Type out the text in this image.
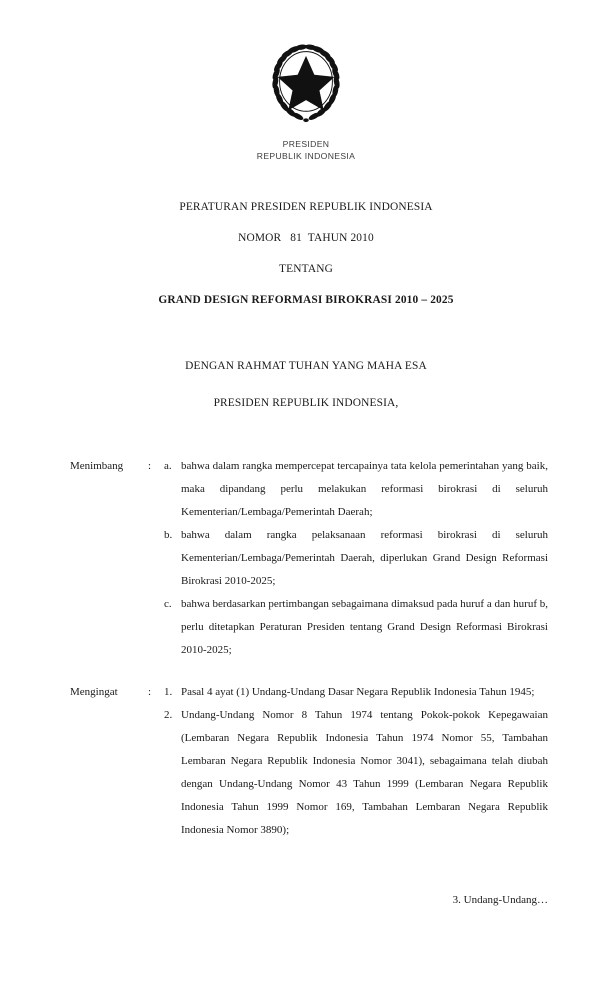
PRESIDEN
REPUBLIK INDONESIA
PERATURAN PRESIDEN REPUBLIK INDONESIA
NOMOR   81  TAHUN 2010
TENTANG
GRAND DESIGN REFORMASI BIROKRASI 2010 – 2025
DENGAN RAHMAT TUHAN YANG MAHA ESA
PRESIDEN REPUBLIK INDONESIA,
Menimbang	:	a. bahwa dalam rangka mempercepat tercapainya tata kelola pemerintahan yang baik, maka dipandang perlu melakukan reformasi birokrasi di seluruh Kementerian/Lembaga/Pemerintah Daerah;
b. bahwa dalam rangka pelaksanaan reformasi birokrasi di seluruh Kementerian/Lembaga/Pemerintah Daerah, diperlukan Grand Design Reformasi Birokrasi 2010-2025;
c. bahwa berdasarkan pertimbangan sebagaimana dimaksud pada huruf a dan huruf b, perlu ditetapkan Peraturan Presiden tentang Grand Design Reformasi Birokrasi 2010-2025;
Mengingat	:	1. Pasal 4 ayat (1) Undang-Undang Dasar Negara Republik Indonesia Tahun 1945;
2. Undang-Undang Nomor 8 Tahun 1974 tentang Pokok-pokok Kepegawaian (Lembaran Negara Republik Indonesia Tahun 1974 Nomor 55, Tambahan Lembaran Negara Republik Indonesia Nomor 3041), sebagaimana telah diubah dengan Undang-Undang Nomor 43 Tahun 1999 (Lembaran Negara Republik Indonesia Tahun 1999 Nomor 169, Tambahan Lembaran Negara Republik Indonesia Nomor 3890);
3. Undang-Undang…
